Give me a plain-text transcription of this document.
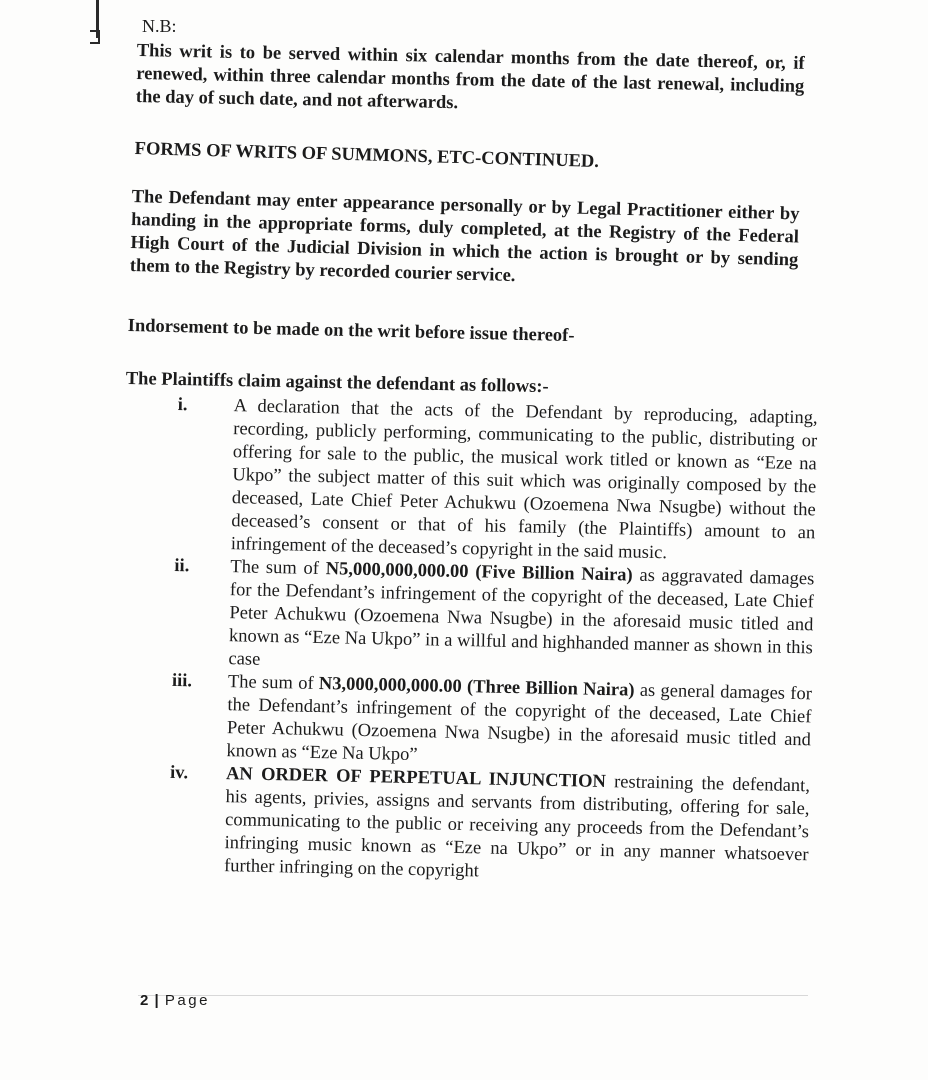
N.B:
This writ is to be served within six calendar months from the date thereof, or, if renewed, within three calendar months from the date of the last renewal, including the day of such date, and not afterwards.
FORMS OF WRITS OF SUMMONS, ETC-CONTINUED.
The Defendant may enter appearance personally or by Legal Practitioner either by handing in the appropriate forms, duly completed, at the Registry of the Federal High Court of the Judicial Division in which the action is brought or by sending them to the Registry by recorded courier service.
Indorsement to be made on the writ before issue thereof-
The Plaintiffs claim against the defendant as follows:-
i.	A declaration that the acts of the Defendant by reproducing, adapting, recording, publicly performing, communicating to the public, distributing or offering for sale to the public, the musical work titled or known as “Eze na Ukpo” the subject matter of this suit which was originally composed by the deceased, Late Chief Peter Achukwu (Ozoemena Nwa Nsugbe) without the deceased’s consent or that of his family (the Plaintiffs) amount to an infringement of the deceased’s copyright in the said music.
ii.	The sum of N5,000,000,000.00 (Five Billion Naira) as aggravated damages for the Defendant’s infringement of the copyright of the deceased, Late Chief Peter Achukwu (Ozoemena Nwa Nsugbe) in the aforesaid music titled and known as “Eze Na Ukpo” in a willful and highhanded manner as shown in this case
iii.	The sum of N3,000,000,000.00 (Three Billion Naira) as general damages for the Defendant’s infringement of the copyright of the deceased, Late Chief Peter Achukwu (Ozoemena Nwa Nsugbe) in the aforesaid music titled and known as “Eze Na Ukpo”
iv.	AN ORDER OF PERPETUAL INJUNCTION restraining the defendant, his agents, privies, assigns and servants from distributing, offering for sale, communicating to the public or receiving any proceeds from the Defendant’s infringing music known as “Eze na Ukpo” or in any manner whatsoever further infringing on the copyright
2 | Page
